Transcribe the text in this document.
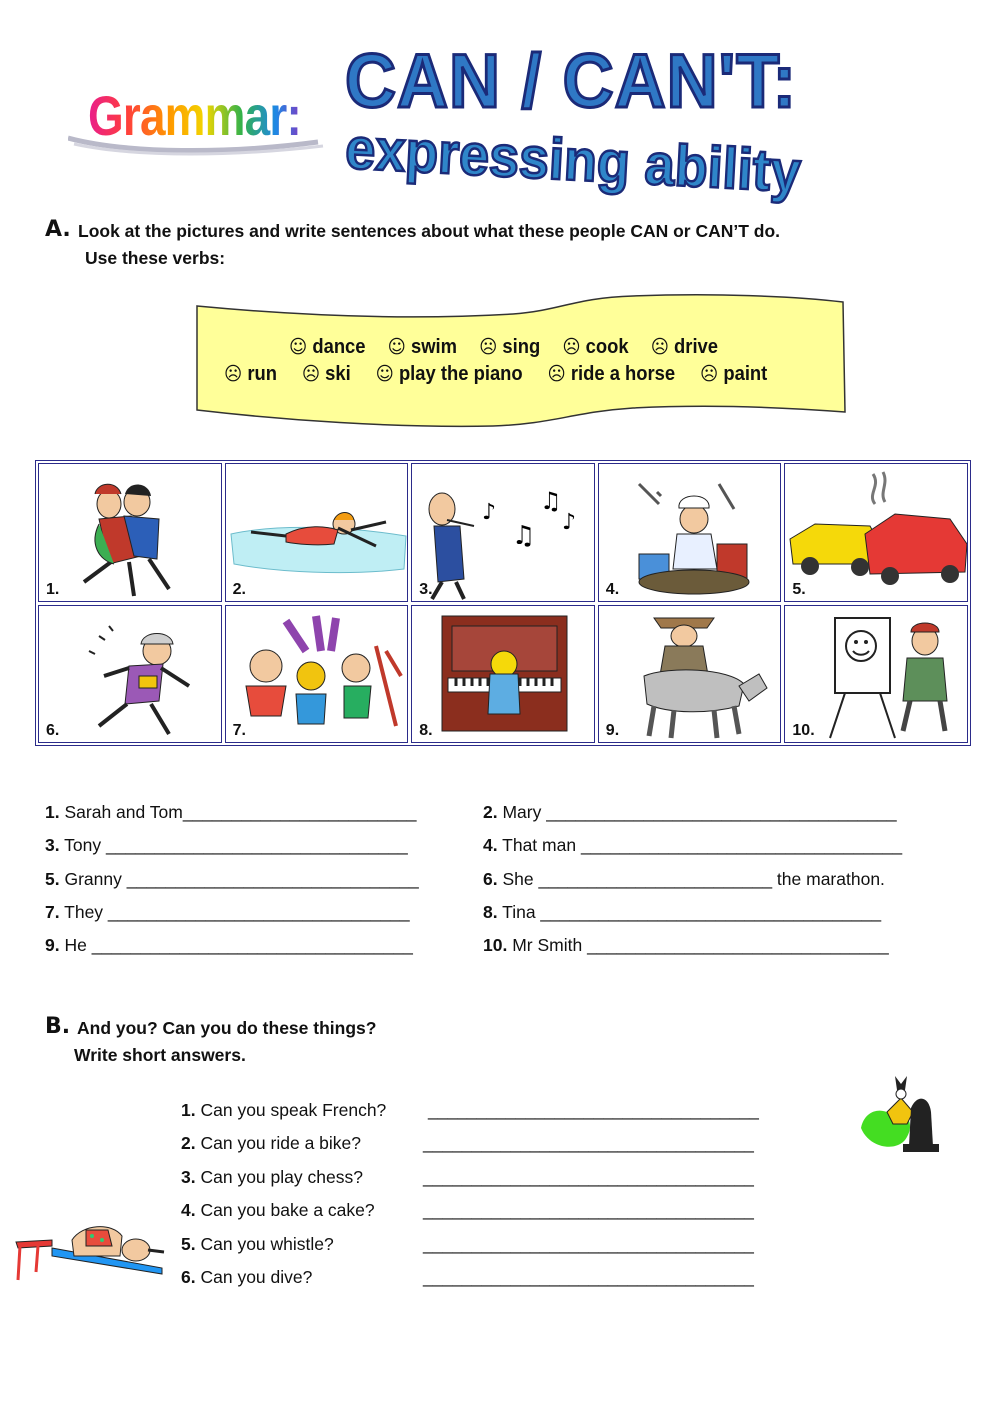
Grammar: CAN / CAN'T:
expressing ability
A. Look at the pictures and write sentences about what these people CAN or CAN’T do.
Use these verbs:
☺ dance ☺ swim ☹ sing ☹ cook ☹ drive
☹ run ☹ ski ☺ play the piano ☹ ride a horse ☹ paint
1.	2.
♪
♫
♫
♪
3.	4.	5.
6.	7.	8.	9.	10.
1. Sarah and Tom________________________	2. Mary ____________________________________
3. Tony _______________________________	4. That man _________________________________
5. Granny ______________________________	6. She ________________________ the marathon.
7. They _______________________________	8. Tina ___________________________________
9. He _________________________________	10. Mr Smith _______________________________
B. And you? Can you do these things?
Write short answers.
1. Can you speak French? __________________________________
2. Can you ride a bike?	__________________________________
3. Can you play chess?	__________________________________
4. Can you bake a cake?	__________________________________
5. Can you whistle?	__________________________________
6. Can you dive?	__________________________________
